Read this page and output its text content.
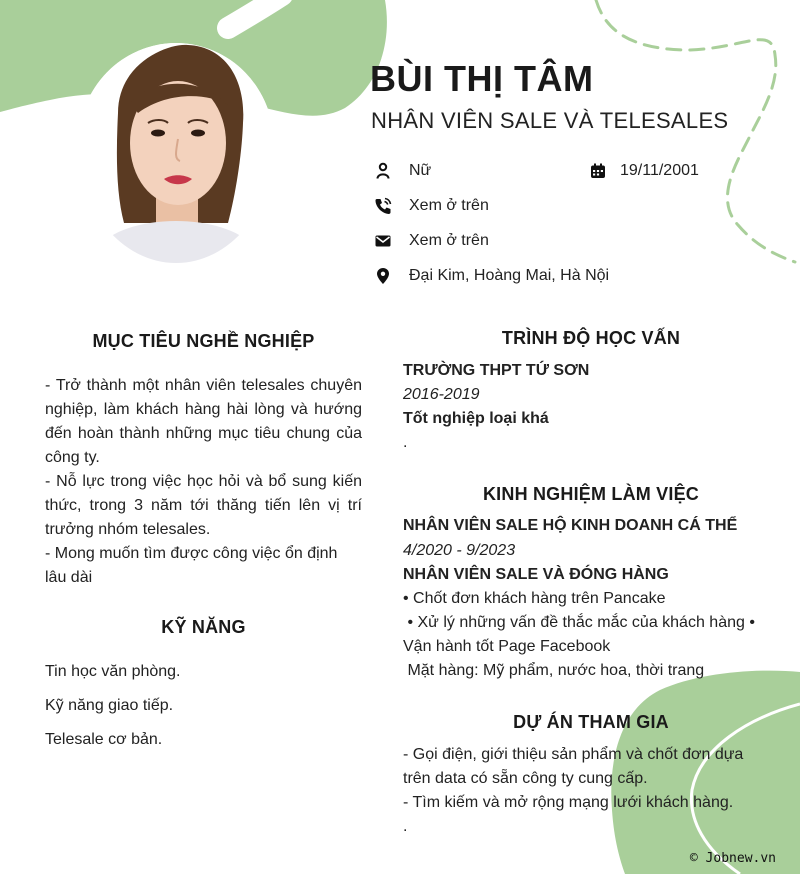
BÙI THỊ TÂM
NHÂN VIÊN SALE VÀ TELESALES
Nữ	19/11/2001
Xem ở trên
Xem ở trên
Đại Kim, Hoàng Mai, Hà Nội
MỤC TIÊU NGHỀ NGHIỆP
- Trở thành một nhân viên telesales chuyên nghiệp, làm khách hàng hài lòng và hướng đến hoàn thành những mục tiêu chung của công ty.
- Nỗ lực trong việc học hỏi và bổ sung kiến thức, trong 3 năm tới thăng tiến lên vị trí trưởng nhóm telesales.
- Mong muốn tìm được công việc ổn định lâu dài
KỸ NĂNG
Tin học văn phòng.
Kỹ năng giao tiếp.
Telesale cơ bản.
TRÌNH ĐỘ HỌC VẤN
TRƯỜNG THPT TỨ SƠN
2016-2019
Tốt nghiệp loại khá
.
KINH NGHIỆM LÀM VIỆC
NHÂN VIÊN SALE HỘ KINH DOANH CÁ THỂ
4/2020 - 9/2023
NHÂN VIÊN SALE VÀ ĐÓNG HÀNG
• Chốt đơn khách hàng trên Pancake
• Xử lý những vấn đề thắc mắc của khách hàng •
Vận hành tốt Page Facebook
Mặt hàng: Mỹ phẩm, nước hoa, thời trang
DỰ ÁN THAM GIA
- Gọi điện, giới thiệu sản phẩm và chốt đơn dựa
trên data có sẵn công ty cung cấp.
- Tìm kiếm và mở rộng mạng lưới khách hàng.
.
© Jobnew.vn
